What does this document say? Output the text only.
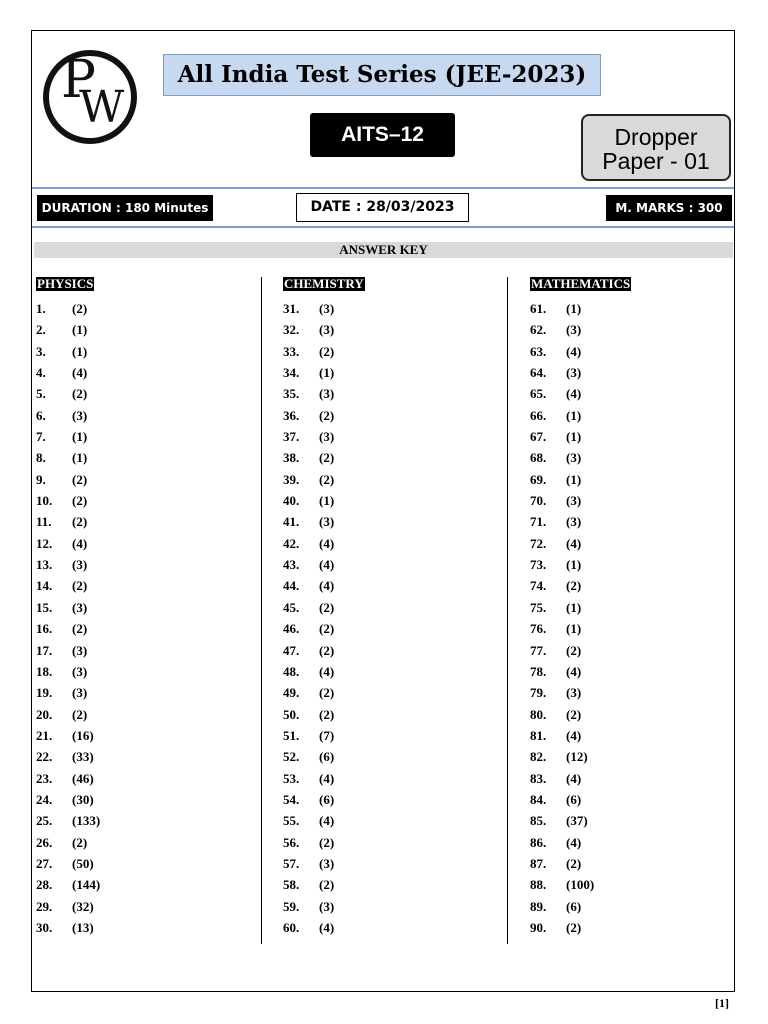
P
W
All India Test Series (JEE-2023)
AITS–12	Dropper
Paper - 01
DURATION : 180 Minutes	DATE : 28/03/2023	M. MARKS : 300
ANSWER KEY
PHYSICS
1. (2)
2. (1)
3. (1)
4. (4)
5. (2)
6. (3)
7. (1)
8. (1)
9. (2)
10. (2)
11. (2)
12. (4)
13. (3)
14. (2)
15. (3)
16. (2)
17. (3)
18. (3)
19. (3)
20. (2)
21. (16)
22. (33)
23. (46)
24. (30)
25. (133)
26. (2)
27. (50)
28. (144)
29. (32)
30. (13)
CHEMISTRY
31. (3)
32. (3)
33. (2)
34. (1)
35. (3)
36. (2)
37. (3)
38. (2)
39. (2)
40. (1)
41. (3)
42. (4)
43. (4)
44. (4)
45. (2)
46. (2)
47. (2)
48. (4)
49. (2)
50. (2)
51. (7)
52. (6)
53. (4)
54. (6)
55. (4)
56. (2)
57. (3)
58. (2)
59. (3)
60. (4)
MATHEMATICS
61. (1)
62. (3)
63. (4)
64. (3)
65. (4)
66. (1)
67. (1)
68. (3)
69. (1)
70. (3)
71. (3)
72. (4)
73. (1)
74. (2)
75. (1)
76. (1)
77. (2)
78. (4)
79. (3)
80. (2)
81. (4)
82. (12)
83. (4)
84. (6)
85. (37)
86. (4)
87. (2)
88. (100)
89. (6)
90. (2)
[1]
